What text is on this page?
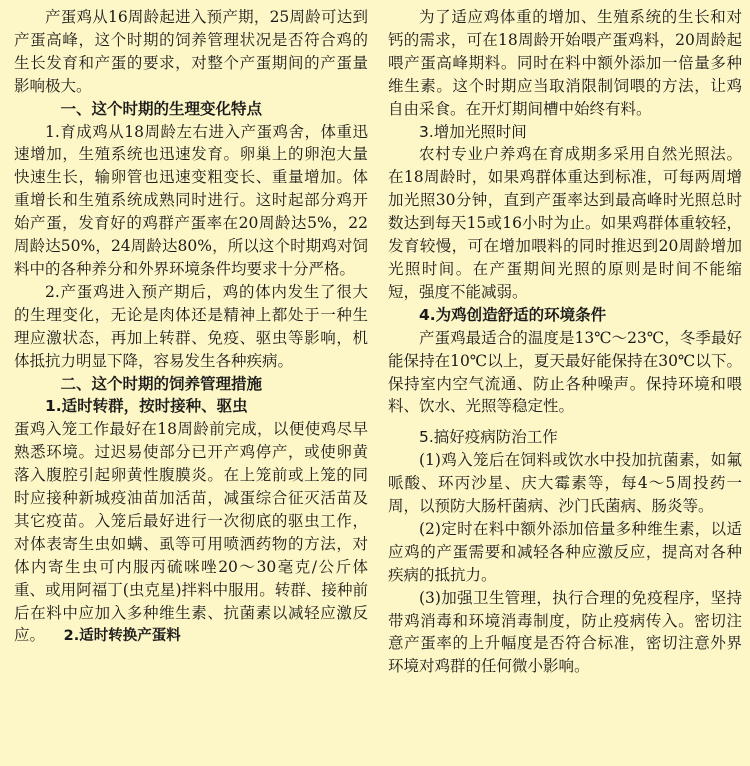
产蛋鸡从16周龄起进入预产期，25周龄可达到产蛋高峰，这个时期的饲养管理状况是否符合鸡的生长发育和产蛋的要求，对整个产蛋期间的产蛋量影响极大。

一、这个时期的生理变化特点

1.育成鸡从18周龄左右进入产蛋鸡舍，体重迅速增加，生殖系统也迅速发育。卵巢上的卵泡大量快速生长，输卵管也迅速变粗变长、重量增加。体重增长和生殖系统成熟同时进行。这时起部分鸡开始产蛋，发育好的鸡群产蛋率在20周龄达5%，22周龄达50%，24周龄达80%，所以这个时期鸡对饲料中的各种养分和外界环境条件均要求十分严格。

2.产蛋鸡进入预产期后，鸡的体内发生了很大的生理变化，无论是肉体还是精神上都处于一种生理应激状态，再加上转群、免疫、驱虫等影响，机体抵抗力明显下降，容易发生各种疾病。

二、这个时期的饲养管理措施

1.适时转群，按时接种、驱虫

蛋鸡入笼工作最好在18周龄前完成，以便使鸡尽早熟悉环境。过迟易使部分已开产鸡停产，或使卵黄落入腹腔引起卵黄性腹膜炎。在上笼前或上笼的同时应接种新城疫油苗加活苗，减蛋综合征灭活苗及其它疫苗。入笼后最好进行一次彻底的驱虫工作，对体表寄生虫如螨、虱等可用喷洒药物的方法，对体内寄生虫可内服丙硫咪唑20～30毫克/公斤体重、或用阿福丁(虫克星)拌料中服用。转群、接种前后在料中应加入多种维生素、抗菌素以减轻应激反应。 2.适时转换产蛋料

为了适应鸡体重的增加、生殖系统的生长和对钙的需求，可在18周龄开始喂产蛋鸡料，20周龄起喂产蛋高峰期料。同时在料中额外添加一倍量多种维生素。这个时期应当取消限制饲喂的方法，让鸡自由采食。在开灯期间槽中始终有料。

3.增加光照时间

农村专业户养鸡在育成期多采用自然光照法。在18周龄时，如果鸡群体重达到标准，可每两周增加光照30分钟，直到产蛋率达到最高峰时光照总时数达到每天15或16小时为止。如果鸡群体重较轻，发育较慢，可在增加喂料的同时推迟到20周龄增加光照时间。在产蛋期间光照的原则是时间不能缩短，强度不能减弱。

4.为鸡创造舒适的环境条件

产蛋鸡最适合的温度是13℃～23℃，冬季最好能保持在10℃以上，夏天最好能保持在30℃以下。保持室内空气流通、防止各种噪声。保持环境和喂料、饮水、光照等稳定性。

5.搞好疫病防治工作

(1)鸡入笼后在饲料或饮水中投加抗菌素，如氟哌酸、环丙沙星、庆大霉素等，每4～5周投药一周，以预防大肠杆菌病、沙门氏菌病、肠炎等。

(2)定时在料中额外添加倍量多种维生素，以适应鸡的产蛋需要和减轻各种应激反应，提高对各种疾病的抵抗力。

(3)加强卫生管理，执行合理的免疫程序，坚持带鸡消毒和环境消毒制度，防止疫病传入。密切注意产蛋率的上升幅度是否符合标准，密切注意外界环境对鸡群的任何微小影响。
